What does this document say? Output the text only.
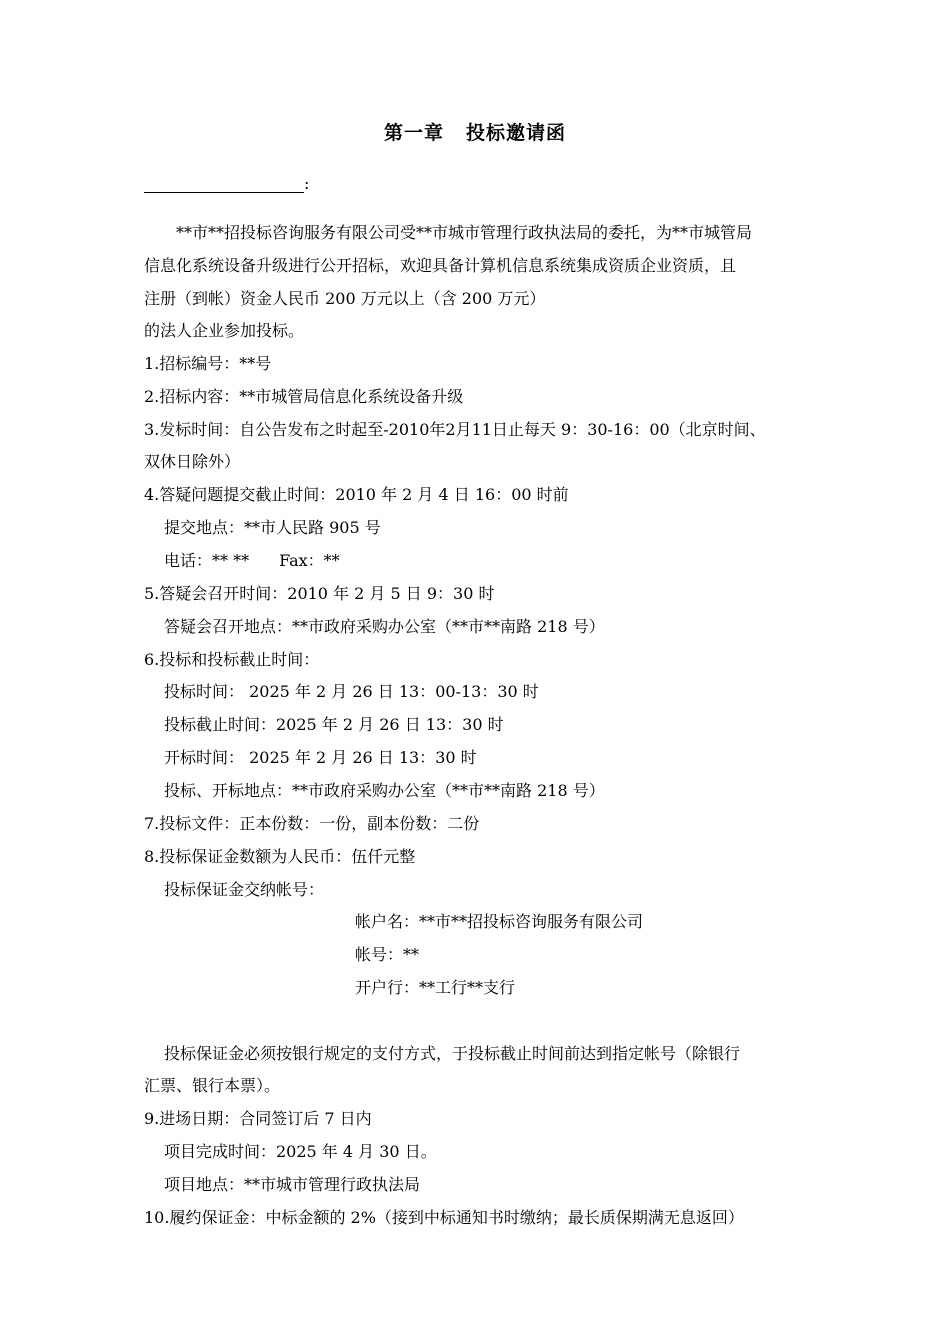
第一章 投标邀请函
:
**市**招投标咨询服务有限公司受**市城市管理行政执法局的委托，为**市城管局
信息化系统设备升级进行公开招标，欢迎具备计算机信息系统集成资质企业资质，且
注册（到帐）资金人民币 200 万元以上（含 200 万元）
的法人企业参加投标。
1.招标编号：**号
2.招标内容：**市城管局信息化系统设备升级
3.发标时间：自公告发布之时起至-2010年2月11日止每天 9：30-16：00（北京时间、
双休日除外）
4.答疑问题提交截止时间：2010 年 2 月 4 日 16：00 时前
提交地点：**市人民路 905 号
电话：** ** Fax：**
5.答疑会召开时间：2010 年 2 月 5 日 9：30 时
答疑会召开地点：**市政府采购办公室（**市**南路 218 号）
6.投标和投标截止时间：
投标时间： 2025 年 2 月 26 日 13：00-13：30 时
投标截止时间：2025 年 2 月 26 日 13：30 时
开标时间： 2025 年 2 月 26 日 13：30 时
投标、开标地点：**市政府采购办公室（**市**南路 218 号）
7.投标文件：正本份数：一份，副本份数：二份
8.投标保证金数额为人民币：伍仟元整
投标保证金交纳帐号：
帐户名：**市**招投标咨询服务有限公司
帐号：**
开户行：**工行**支行
投标保证金必须按银行规定的支付方式，于投标截止时间前达到指定帐号（除银行
汇票、银行本票）。
9.进场日期：合同签订后 7 日内
项目完成时间：2025 年 4 月 30 日。
项目地点：**市城市管理行政执法局
10.履约保证金：中标金额的 2%（接到中标通知书时缴纳；最长质保期满无息返回）
